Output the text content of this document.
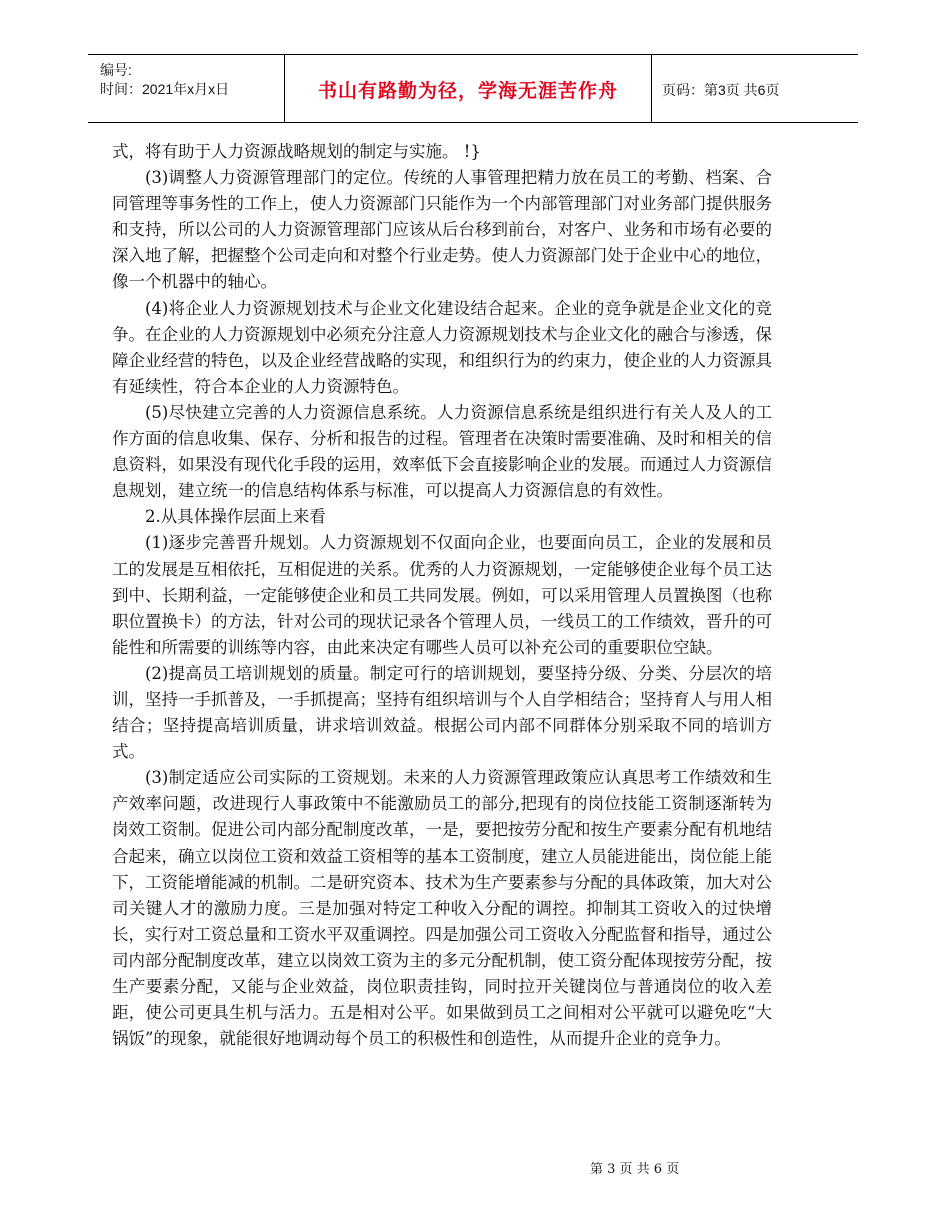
编号:
时间：2021年x月x日	书山有路勤为径，学海无涯苦作舟	页码：第3页 共6页

式，将有助于人力资源战略规划的制定与实施。 !}

(3)调整人力资源管理部门的定位。传统的人事管理把精力放在员工的考勤、档案、合同管理等事务性的工作上，使人力资源部门只能作为一个内部管理部门对业务部门提供服务和支持，所以公司的人力资源管理部门应该从后台移到前台，对客户、业务和市场有必要的深入地了解，把握整个公司走向和对整个行业走势。使人力资源部门处于企业中心的地位，像一个机器中的轴心。

(4)将企业人力资源规划技术与企业文化建设结合起来。企业的竞争就是企业文化的竞争。在企业的人力资源规划中必须充分注意人力资源规划技术与企业文化的融合与渗透，保障企业经营的特色，以及企业经营战略的实现，和组织行为的约束力，使企业的人力资源具有延续性，符合本企业的人力资源特色。

(5)尽快建立完善的人力资源信息系统。人力资源信息系统是组织进行有关人及人的工作方面的信息收集、保存、分析和报告的过程。管理者在决策时需要准确、及时和相关的信息资料，如果没有现代化手段的运用，效率低下会直接影响企业的发展。而通过人力资源信息规划，建立统一的信息结构体系与标准，可以提高人力资源信息的有效性。

2.从具体操作层面上来看

(1)逐步完善晋升规划。人力资源规划不仅面向企业，也要面向员工，企业的发展和员工的发展是互相依托，互相促进的关系。优秀的人力资源规划，一定能够使企业每个员工达到中、长期利益，一定能够使企业和员工共同发展。例如，可以采用管理人员置换图（也称职位置换卡）的方法，针对公司的现状记录各个管理人员，一线员工的工作绩效，晋升的可能性和所需要的训练等内容，由此来决定有哪些人员可以补充公司的重要职位空缺。

(2)提高员工培训规划的质量。制定可行的培训规划，要坚持分级、分类、分层次的培训，坚持一手抓普及，一手抓提高；坚持有组织培训与个人自学相结合；坚持育人与用人相结合；坚持提高培训质量，讲求培训效益。根据公司内部不同群体分别采取不同的培训方式。

(3)制定适应公司实际的工资规划。未来的人力资源管理政策应认真思考工作绩效和生产效率问题，改进现行人事政策中不能激励员工的部分,把现有的岗位技能工资制逐渐转为岗效工资制。促进公司内部分配制度改革，一是，要把按劳分配和按生产要素分配有机地结合起来，确立以岗位工资和效益工资相等的基本工资制度，建立人员能进能出，岗位能上能下，工资能增能减的机制。二是研究资本、技术为生产要素参与分配的具体政策，加大对公司关键人才的激励力度。三是加强对特定工种收入分配的调控。抑制其工资收入的过快增长，实行对工资总量和工资水平双重调控。四是加强公司工资收入分配监督和指导，通过公司内部分配制度改革，建立以岗效工资为主的多元分配机制，使工资分配体现按劳分配，按生产要素分配，又能与企业效益，岗位职责挂钩，同时拉开关键岗位与普通岗位的收入差距，使公司更具生机与活力。五是相对公平。如果做到员工之间相对公平就可以避免吃“大锅饭”的现象，就能很好地调动每个员工的积极性和创造性，从而提升企业的竞争力。

第 3 页 共 6 页
